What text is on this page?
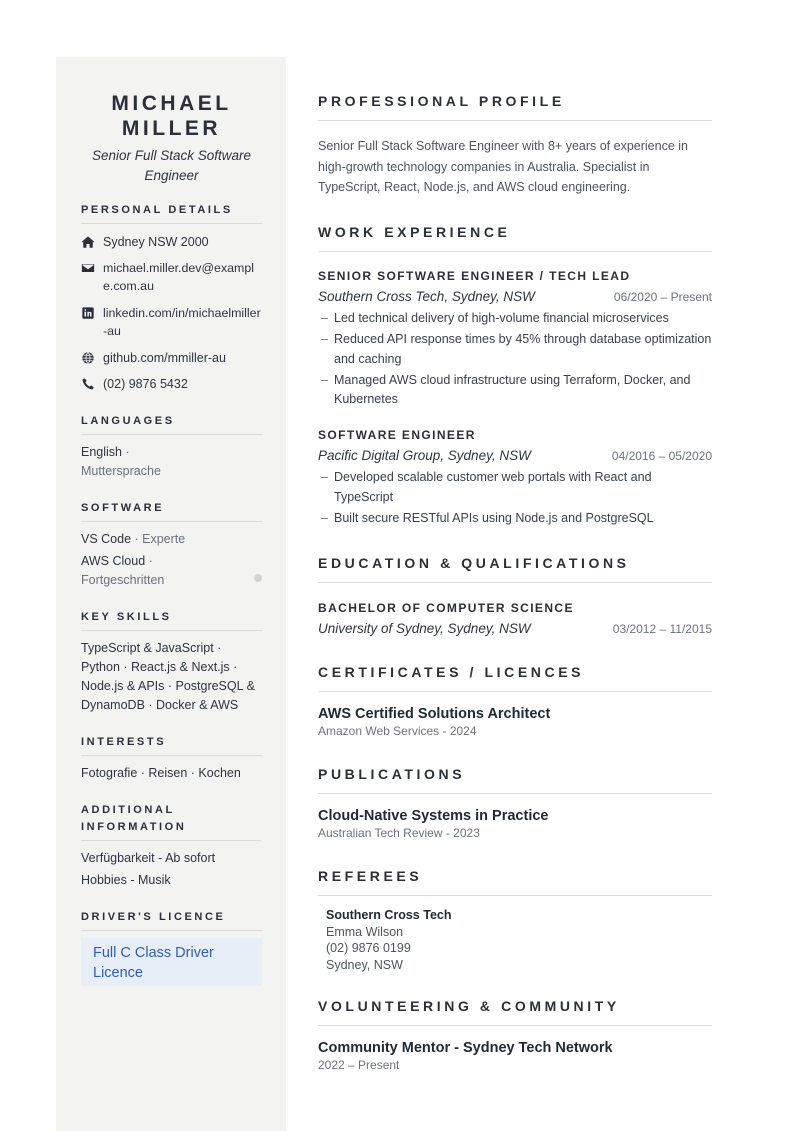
MICHAEL
MILLER
Senior Full Stack Software Engineer
PERSONAL DETAILS
Sydney NSW 2000
michael.miller.dev@example.com.au
linkedin.com/in/michaelmiller-au
github.com/mmiller-au
(02) 9876 5432
LANGUAGES
English ·
Muttersprache
SOFTWARE
VS Code · Experte
AWS Cloud ·
Fortgeschritten
KEY SKILLS
TypeScript & JavaScript · Python · React.js & Next.js · Node.js & APIs · PostgreSQL & DynamoDB · Docker & AWS
INTERESTS
Fotografie · Reisen · Kochen
ADDITIONAL INFORMATION
Verfügbarkeit - Ab sofort
Hobbies - Musik
DRIVER'S LICENCE
Full C Class Driver Licence
PROFESSIONAL PROFILE
Senior Full Stack Software Engineer with 8+ years of experience in high-growth technology companies in Australia. Specialist in TypeScript, React, Node.js, and AWS cloud engineering.
WORK EXPERIENCE
SENIOR SOFTWARE ENGINEER / TECH LEAD
Southern Cross Tech, Sydney, NSW	06/2020 – Present
– Led technical delivery of high-volume financial microservices
– Reduced API response times by 45% through database optimization and caching
– Managed AWS cloud infrastructure using Terraform, Docker, and Kubernetes
SOFTWARE ENGINEER
Pacific Digital Group, Sydney, NSW	04/2016 – 05/2020
– Developed scalable customer web portals with React and TypeScript
– Built secure RESTful APIs using Node.js and PostgreSQL
EDUCATION & QUALIFICATIONS
BACHELOR OF COMPUTER SCIENCE
University of Sydney, Sydney, NSW	03/2012 – 11/2015
CERTIFICATES / LICENCES
AWS Certified Solutions Architect
Amazon Web Services - 2024
PUBLICATIONS
Cloud-Native Systems in Practice
Australian Tech Review - 2023
REFEREES
Southern Cross Tech
Emma Wilson
(02) 9876 0199
Sydney, NSW
VOLUNTEERING & COMMUNITY
Community Mentor - Sydney Tech Network
2022 – Present
